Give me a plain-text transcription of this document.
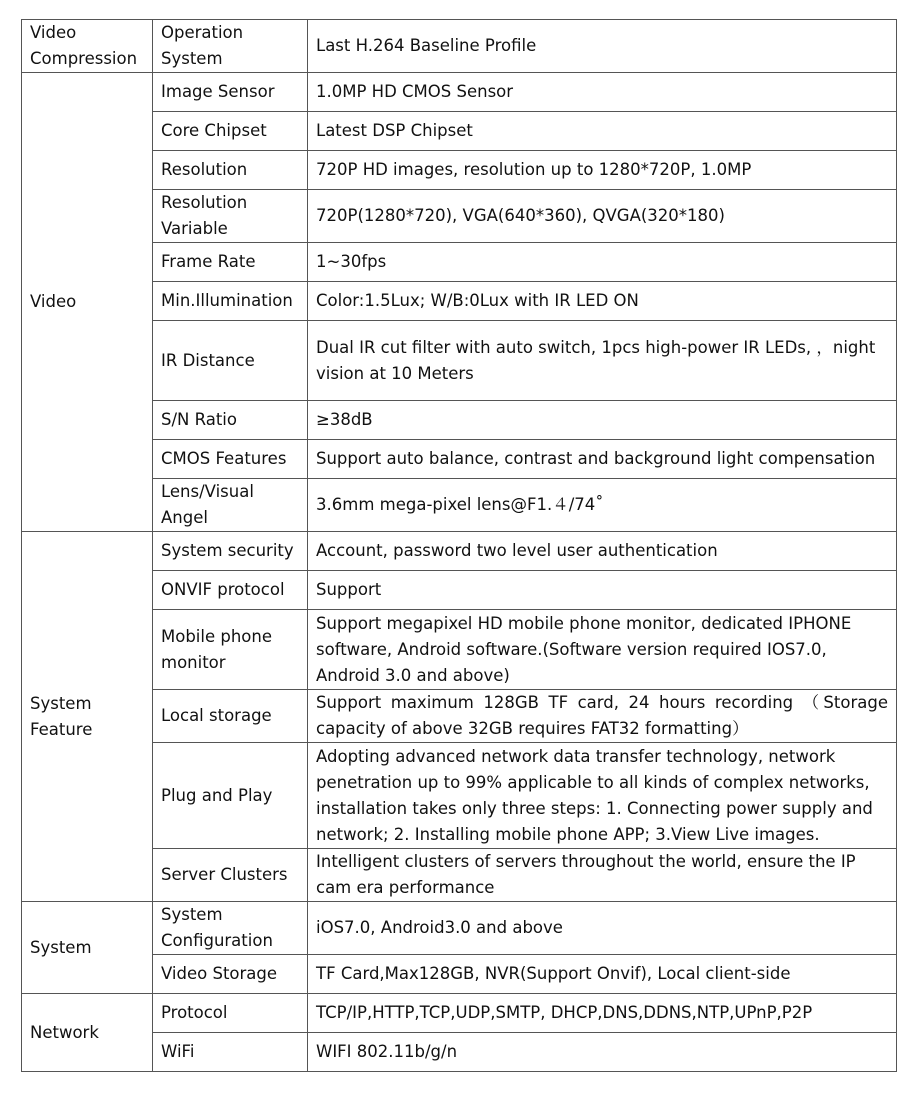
Video Compression	Operation System	Last H.264 Baseline Profile
Video	Image Sensor	1.0MP HD CMOS Sensor
	Core Chipset	Latest DSP Chipset
	Resolution	720P HD images, resolution up to 1280*720P, 1.0MP
	Resolution Variable	720P(1280*720), VGA(640*360), QVGA(320*180)
	Frame Rate	1~30fps
	Min.Illumination	Color:1.5Lux; W/B:0Lux with IR LED ON
	IR Distance	Dual IR cut filter with auto switch, 1pcs high-power IR LEDs, ，night vision at 10 Meters
	S/N Ratio	≥38dB
	CMOS Features	Support auto balance, contrast and background light compensation
	Lens/Visual Angel	3.6mm mega-pixel lens@F1.４/74˚
System Feature	System security	Account, password two level user authentication
	ONVIF protocol	Support
	Mobile phone monitor	Support megapixel HD mobile phone monitor, dedicated IPHONE software, Android software.(Software version required IOS7.0, Android 3.0 and above)
	Local storage	Support maximum 128GB TF card, 24 hours recording （Storage capacity of above 32GB requires FAT32 formatting）
	Plug and Play	Adopting advanced network data transfer technology, network penetration up to 99% applicable to all kinds of complex networks, installation takes only three steps: 1. Connecting power supply and network; 2. Installing mobile phone APP; 3.View Live images.
	Server Clusters	Intelligent clusters of servers throughout the world, ensure the IP cam era performance
System	System Configuration	iOS7.0, Android3.0 and above
	Video Storage	TF Card,Max128GB, NVR(Support Onvif), Local client-side
Network	Protocol	TCP/IP,HTTP,TCP,UDP,SMTP, DHCP,DNS,DDNS,NTP,UPnP,P2P
	WiFi	WIFI 802.11b/g/n
